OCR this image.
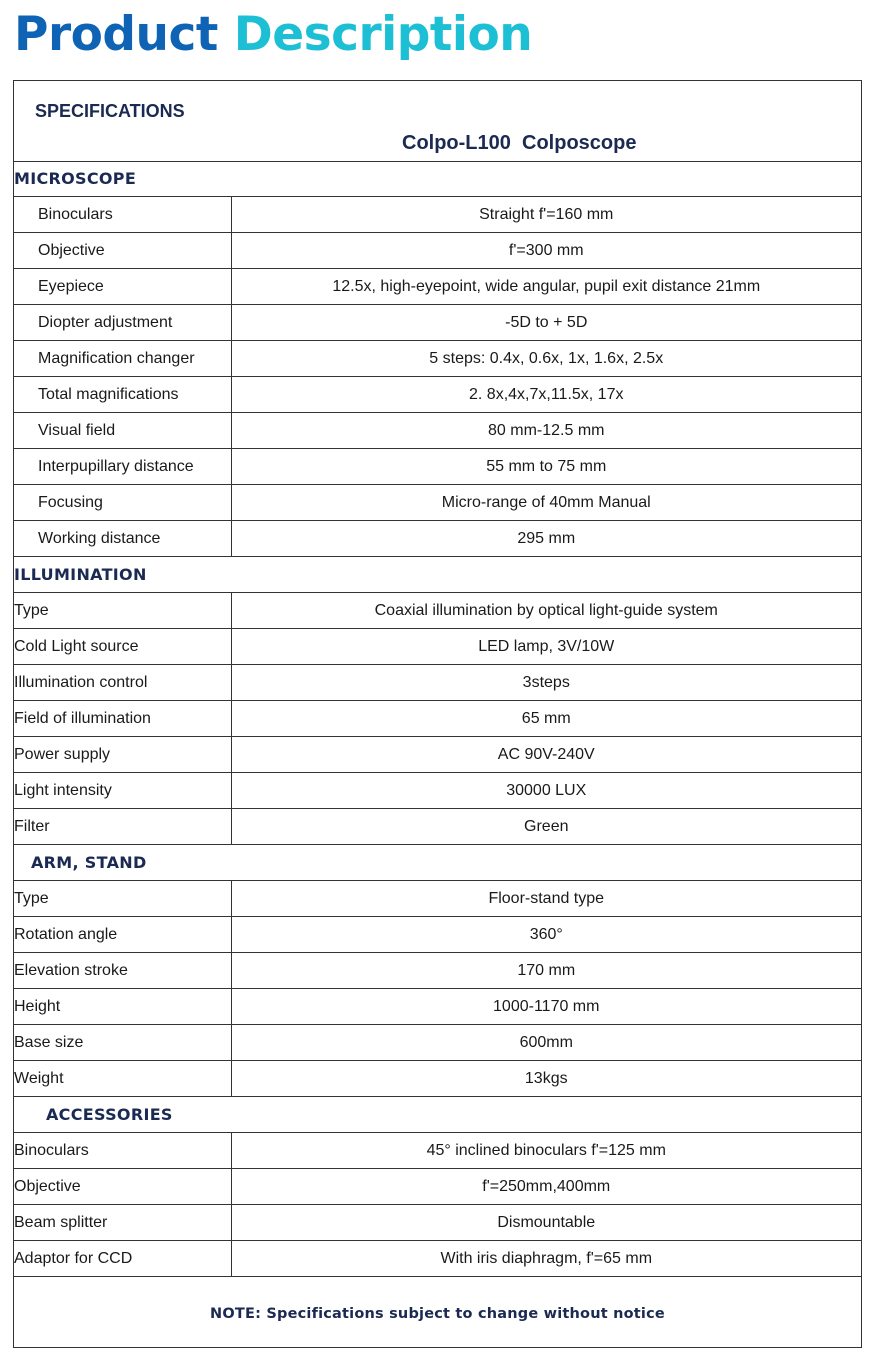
Product Description
SPECIFICATIONS
Colpo-L100  Colposcope
MICROSCOPE	
Binoculars	Straight f'=160 mm
Objective	f'=300 mm
Eyepiece	12.5x, high-eyepoint, wide angular, pupil exit distance 21mm
Diopter adjustment	-5D to + 5D
Magnification changer	5 steps: 0.4x, 0.6x, 1x, 1.6x, 2.5x
Total magnifications	2. 8x,4x,7x,11.5x, 17x
Visual field	80 mm-12.5 mm
Interpupillary distance	55 mm to 75 mm
Focusing	Micro-range of 40mm Manual
Working distance	295 mm
ILLUMINATION	
Type	Coaxial illumination by optical light-guide system
Cold Light source	LED lamp, 3V/10W
Illumination control	3steps
Field of illumination	65 mm
Power supply	AC 90V-240V
Light intensity	30000 LUX
Filter	Green
ARM, STAND	
Type	Floor-stand type
Rotation angle	360°
Elevation stroke	170 mm
Height	1000-1170 mm
Base size	600mm
Weight	13kgs
ACCESSORIES	
Binoculars	45° inclined binoculars f'=125 mm
Objective	f'=250mm,400mm
Beam splitter	Dismountable
Adaptor for CCD	With iris diaphragm, f'=65 mm
NOTE: Specifications subject to change without notice
